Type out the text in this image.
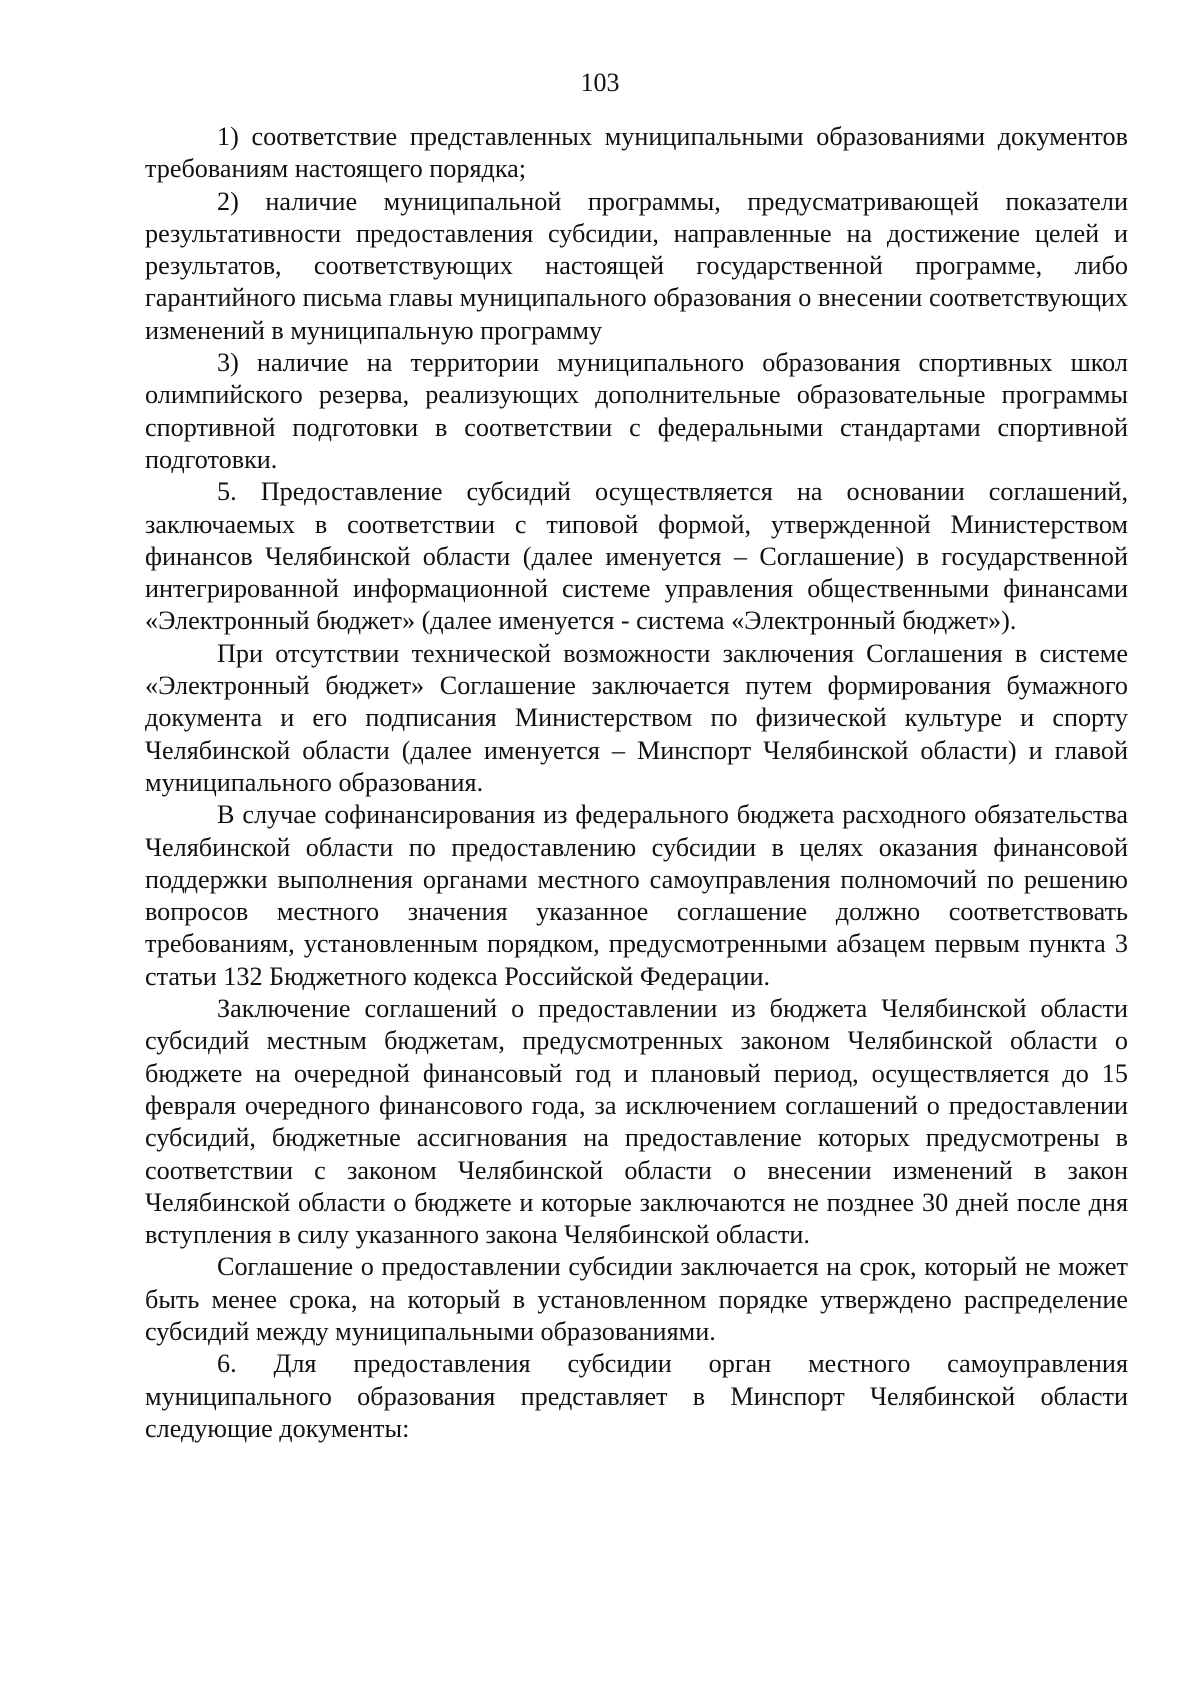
103

1) соответствие представленных муниципальными образованиями документов требованиям настоящего порядка;

2) наличие муниципальной программы, предусматривающей показатели результативности предоставления субсидии, направленные на достижение целей и результатов, соответствующих настоящей государственной программе, либо гарантийного письма главы муниципального образования о внесении соответствующих изменений в муниципальную программу

3) наличие на территории муниципального образования спортивных школ олимпийского резерва, реализующих дополнительные образовательные программы спортивной подготовки в соответствии с федеральными стандартами спортивной подготовки.

5. Предоставление субсидий осуществляется на основании соглашений, заключаемых в соответствии с типовой формой, утвержденной Министерством финансов Челябинской области (далее именуется – Соглашение) в государственной интегрированной информационной системе управления общественными финансами «Электронный бюджет» (далее именуется - система «Электронный бюджет»).

При отсутствии технической возможности заключения Соглашения в системе «Электронный бюджет» Соглашение заключается путем формирования бумажного документа и его подписания Министерством по физической культуре и спорту Челябинской области (далее именуется – Минспорт Челябинской области) и главой муниципального образования.

В случае софинансирования из федерального бюджета расходного обязательства Челябинской области по предоставлению субсидии в целях оказания финансовой поддержки выполнения органами местного самоуправления полномочий по решению вопросов местного значения указанное соглашение должно соответствовать требованиям, установленным порядком, предусмотренными абзацем первым пункта 3 статьи 132 Бюджетного кодекса Российской Федерации.

Заключение соглашений о предоставлении из бюджета Челябинской области субсидий местным бюджетам, предусмотренных законом Челябинской области о бюджете на очередной финансовый год и плановый период, осуществляется до 15 февраля очередного финансового года, за исключением соглашений о предоставлении субсидий, бюджетные ассигнования на предоставление которых предусмотрены в соответствии с законом Челябинской области о внесении изменений в закон Челябинской области о бюджете и которые заключаются не позднее 30 дней после дня вступления в силу указанного закона Челябинской области.

Соглашение о предоставлении субсидии заключается на срок, который не может быть менее срока, на который в установленном порядке утверждено распределение субсидий между муниципальными образованиями.

6. Для предоставления субсидии орган местного самоуправления муниципального образования представляет в Минспорт Челябинской области следующие документы:
